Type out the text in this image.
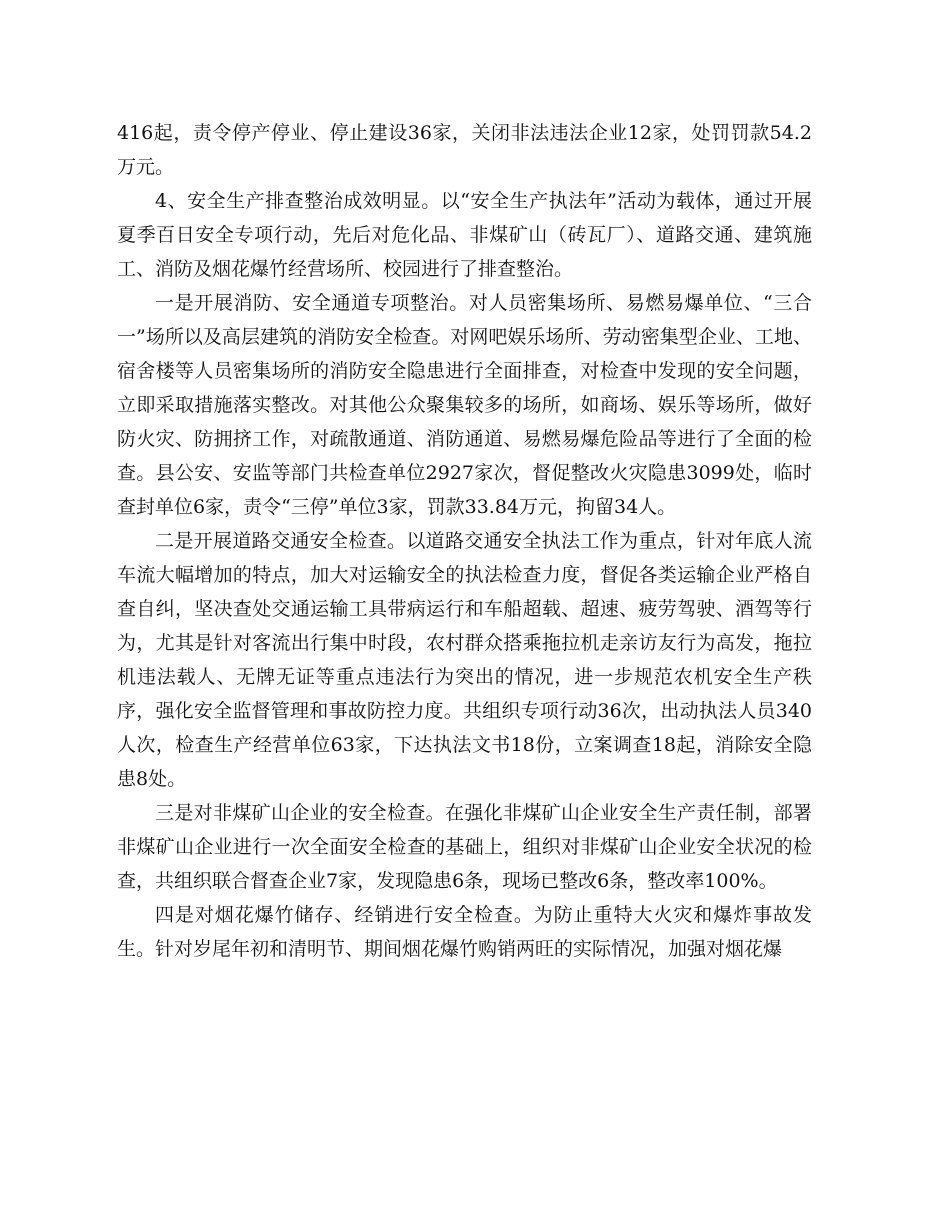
416起，责令停产停业、停止建设36家，关闭非法违法企业12家，处罚罚款54.2万元。

4、安全生产排查整治成效明显。以“安全生产执法年”活动为载体，通过开展夏季百日安全专项行动，先后对危化品、非煤矿山（砖瓦厂）、道路交通、建筑施工、消防及烟花爆竹经营场所、校园进行了排查整治。

一是开展消防、安全通道专项整治。对人员密集场所、易燃易爆单位、“三合一”场所以及高层建筑的消防安全检查。对网吧娱乐场所、劳动密集型企业、工地、宿舍楼等人员密集场所的消防安全隐患进行全面排查，对检查中发现的安全问题，立即采取措施落实整改。对其他公众聚集较多的场所，如商场、娱乐等场所，做好防火灾、防拥挤工作，对疏散通道、消防通道、易燃易爆危险品等进行了全面的检查。县公安、安监等部门共检查单位2927家次，督促整改火灾隐患3099处，临时查封单位6家，责令“三停”单位3家，罚款33.84万元，拘留34人。

二是开展道路交通安全检查。以道路交通安全执法工作为重点，针对年底人流车流大幅增加的特点，加大对运输安全的执法检查力度，督促各类运输企业严格自查自纠，坚决查处交通运输工具带病运行和车船超载、超速、疲劳驾驶、酒驾等行为，尤其是针对客流出行集中时段，农村群众搭乘拖拉机走亲访友行为高发，拖拉机违法载人、无牌无证等重点违法行为突出的情况，进一步规范农机安全生产秩序，强化安全监督管理和事故防控力度。共组织专项行动36次，出动执法人员340人次，检查生产经营单位63家，下达执法文书18份，立案调查18起，消除安全隐患8处。

三是对非煤矿山企业的安全检查。在强化非煤矿山企业安全生产责任制，部署非煤矿山企业进行一次全面安全检查的基础上，组织对非煤矿山企业安全状况的检查，共组织联合督查企业7家，发现隐患6条，现场已整改6条，整改率100%。

四是对烟花爆竹储存、经销进行安全检查。为防止重特大火灾和爆炸事故发生。针对岁尾年初和清明节、期间烟花爆竹购销两旺的实际情况，加强对烟花爆
